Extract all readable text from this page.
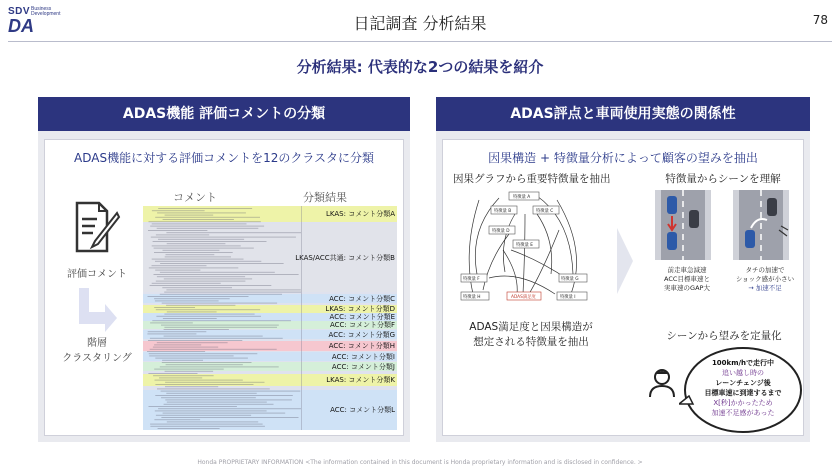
SDV Business Development
DA	日記調査 分析結果	78
分析結果: 代表的な2つの結果を紹介
ADAS機能 評価コメントの分類
ADAS機能に対する評価コメントを12のクラスタに分類
コメント	分類結果
評価コメント
階層
クラスタリング
LKAS: コメント分類A
LKAS/ACC共通: コメント分類B
ACC: コメント分類C
LKAS: コメント分類D
ACC: コメント分類E
ACC: コメント分類F
ACC: コメント分類G
ACC: コメント分類H
ACC: コメント分類I
ACC: コメント分類J
LKAS: コメント分類K
ACC: コメント分類L
ADAS評点と車両使用実態の関係性
因果構造 + 特徴量分析によって顧客の望みを抽出
因果グラフから重要特徴量を抽出
特徴量 A
特徴量 B	特徴量 C
特徴量 D
特徴量 E
特徴量 F	特徴量 G
特徴量 H	ADAS満足度	特徴量 I
ADAS満足度と因果構造が
想定される特徴量を抽出
特徴量からシーンを理解
前走車急減速
ACC目標車速と
実車速のGAP大
タチの加速で
ショック感が小さい
→ 加速不足
シーンから望みを定量化
100km/hで走行中
追い越し時の
レーンチェンジ後
目標車速に到達するまで
X[秒]かかったため
加速不足感があった
Honda PROPRIETARY INFORMATION <The information contained in this document is Honda proprietary information and is disclosed in confidence. >
